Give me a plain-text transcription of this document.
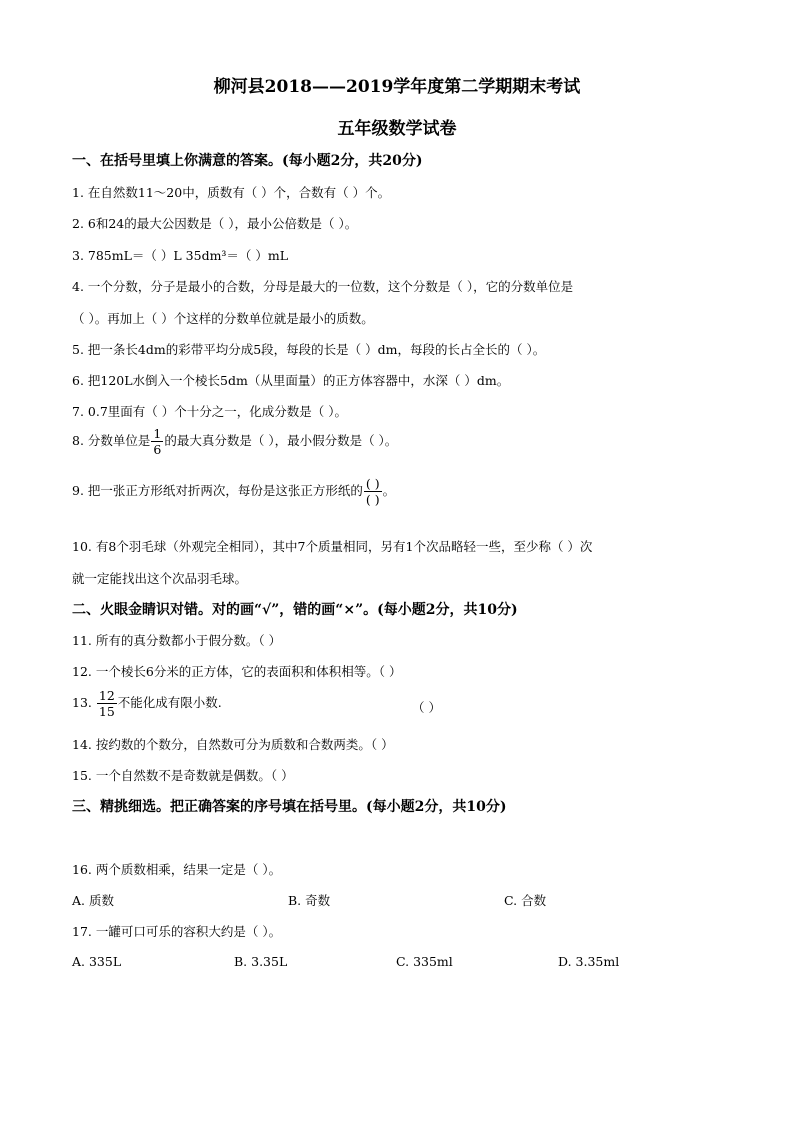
柳河县2018——2019学年度第二学期期末考试
五年级数学试卷
一、在括号里填上你满意的答案。(每小题2分，共20分)
1. 在自然数11～20中，质数有（ ）个，合数有（ ）个。
2. 6和24的最大公因数是（ ），最小公倍数是（ ）。
3. 785mL＝（ ）L 35dm³＝（ ）mL
4. 一个分数，分子是最小的合数，分母是最大的一位数，这个分数是（ ），它的分数单位是
（ ）。再加上（ ）个这样的分数单位就是最小的质数。
5. 把一条长4dm的彩带平均分成5段，每段的长是（ ）dm，每段的长占全长的（ ）。
6. 把120L水倒入一个棱长5dm（从里面量）的正方体容器中，水深（ ）dm。
7. 0.7里面有（ ）个十分之一，化成分数是（ ）。
8. 分数单位是 $\frac{1}{6}$ 的最大真分数是（ ），最小假分数是（ ）。
9. 把一张正方形纸对折两次，每份是这张正方形纸的 $\frac{( )}{( )}$ 。
10. 有8个羽毛球（外观完全相同），其中7个质量相同，另有1个次品略轻一些，至少称（ ）次
就一定能找出这个次品羽毛球。
二、火眼金睛识对错。对的画“√”，错的画“×”。(每小题2分，共10分)
11. 所有的真分数都小于假分数。（ ）
12. 一个棱长6分米的正方体，它的表面积和体积相等。（ ）
13. $\frac{12}{15}$ 不能化成有限小数.	（ ）
14. 按约数的个数分，自然数可分为质数和合数两类。（ ）
15. 一个自然数不是奇数就是偶数。（ ）
三、精挑细选。把正确答案的序号填在括号里。(每小题2分，共10分)
16. 两个质数相乘，结果一定是（ ）。
A. 质数	B. 奇数	C. 合数
17. 一罐可口可乐的容积大约是（ ）。
A. 335L	B. 3.35L	C. 335ml	D. 3.35ml
